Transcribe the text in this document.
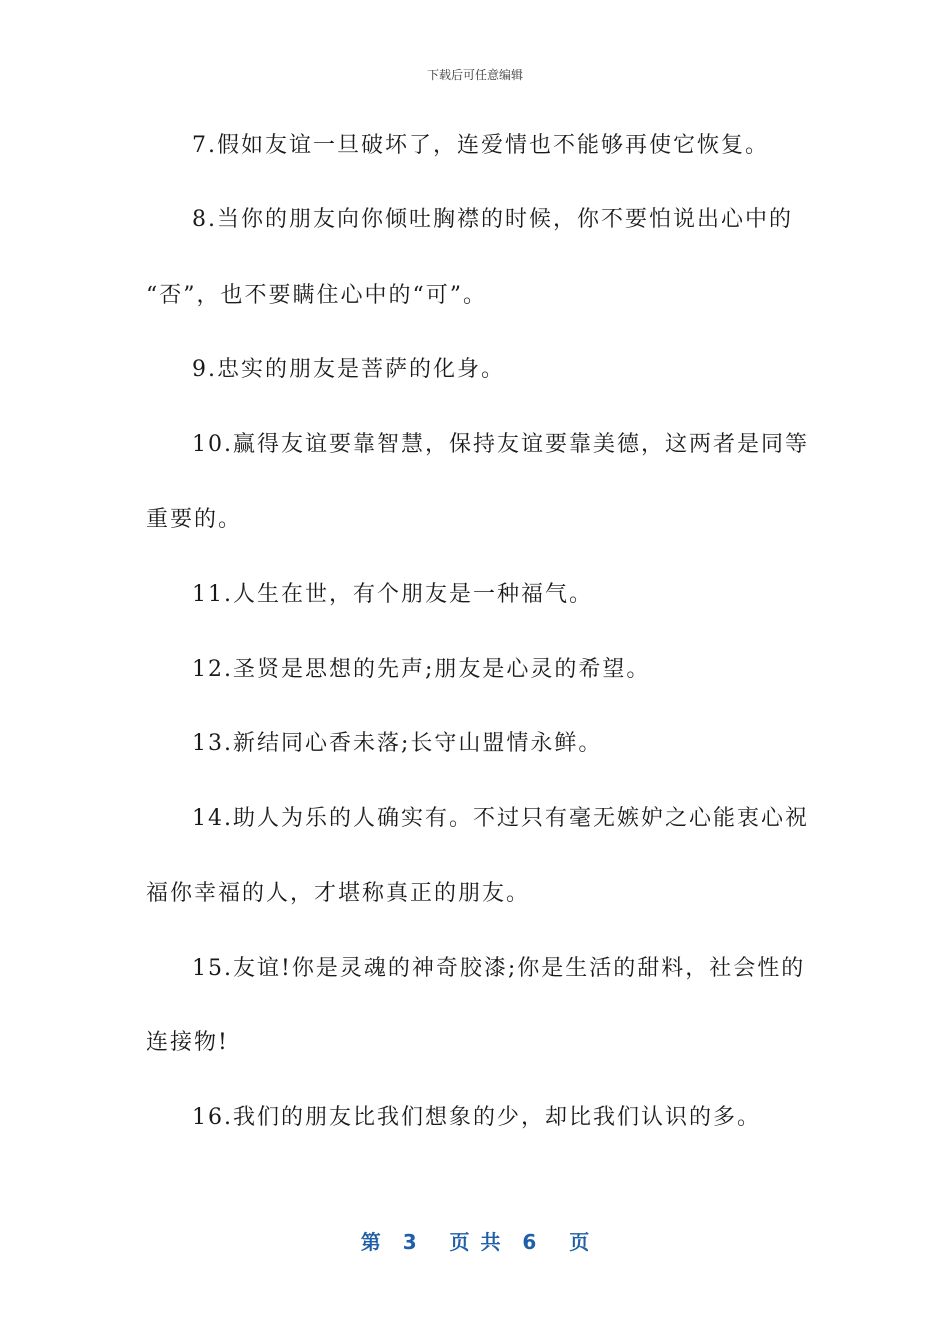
下载后可任意编辑
7.假如友谊一旦破坏了，连爱情也不能够再使它恢复。
8.当你的朋友向你倾吐胸襟的时候，你不要怕说出心中的
“否”，也不要瞒住心中的“可”。
9.忠实的朋友是菩萨的化身。
10.赢得友谊要靠智慧，保持友谊要靠美德，这两者是同等
重要的。
11.人生在世，有个朋友是一种福气。
12.圣贤是思想的先声;朋友是心灵的希望。
13.新结同心香未落;长守山盟情永鲜。
14.助人为乐的人确实有。不过只有毫无嫉妒之心能衷心祝
福你幸福的人，才堪称真正的朋友。
15.友谊!你是灵魂的神奇胶漆;你是生活的甜料，社会性的
连接物!
16.我们的朋友比我们想象的少，却比我们认识的多。
第  3   页 共  6   页
